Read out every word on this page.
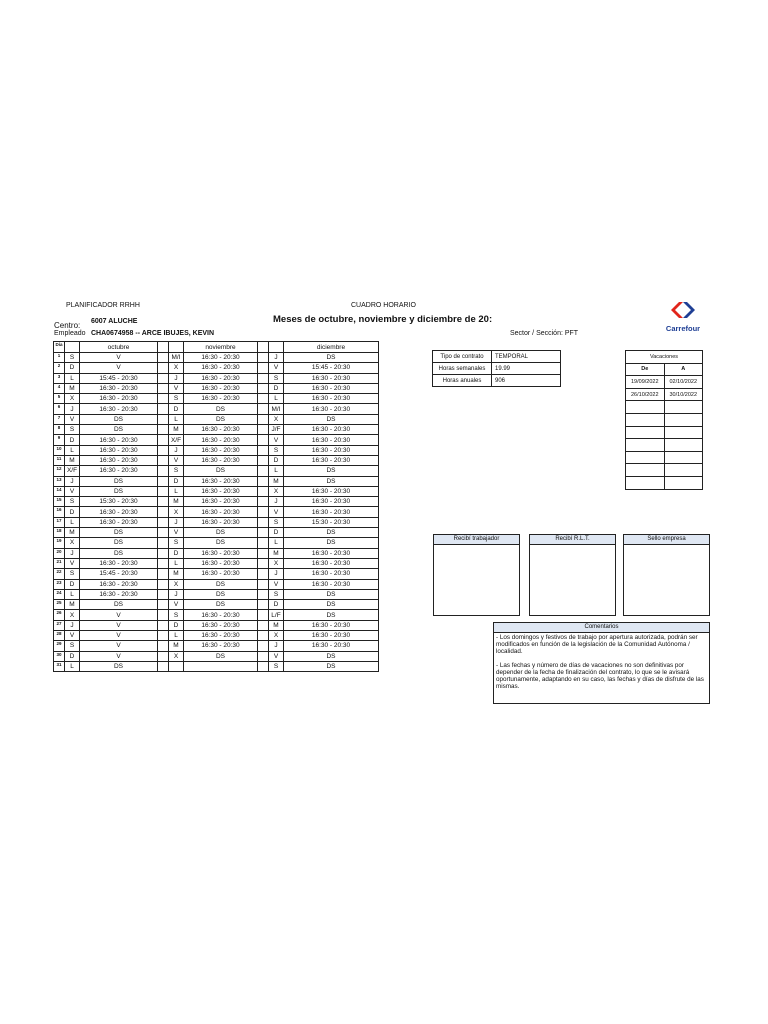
PLANIFICADOR RRHH	CUADRO HORARIO
Centro: 6007 ALUCHE	Meses de octubre, noviembre y diciembre de 20:
Empleado CHA0674958 -- ARCE IBUJES, KEVIN	Sector / Sección: PFT
Carrefour
Día		octubre			noviembre			diciembre
1	S	V		M/I	16:30 - 20:30		J	DS
2	D	V		X	16:30 - 20:30		V	15:45 - 20:30
3	L	15:45 - 20:30		J	16:30 - 20:30		S	16:30 - 20:30
4	M	16:30 - 20:30		V	16:30 - 20:30		D	16:30 - 20:30
5	X	16:30 - 20:30		S	16:30 - 20:30		L	16:30 - 20:30
6	J	16:30 - 20:30		D	DS		M/I	16:30 - 20:30
7	V	DS		L	DS		X	DS
8	S	DS		M	16:30 - 20:30		J/F	16:30 - 20:30
9	D	16:30 - 20:30		X/F	16:30 - 20:30		V	16:30 - 20:30
10	L	16:30 - 20:30		J	16:30 - 20:30		S	16:30 - 20:30
11	M	16:30 - 20:30		V	16:30 - 20:30		D	16:30 - 20:30
12	X/F	16:30 - 20:30		S	DS		L	DS
13	J	DS		D	16:30 - 20:30		M	DS
14	V	DS		L	16:30 - 20:30		X	16:30 - 20:30
15	S	15:30 - 20:30		M	16:30 - 20:30		J	16:30 - 20:30
16	D	16:30 - 20:30		X	16:30 - 20:30		V	16:30 - 20:30
17	L	16:30 - 20:30		J	16:30 - 20:30		S	15:30 - 20:30
18	M	DS		V	DS		D	DS
19	X	DS		S	DS		L	DS
20	J	DS		D	16:30 - 20:30		M	16:30 - 20:30
21	V	16:30 - 20:30		L	16:30 - 20:30		X	16:30 - 20:30
22	S	15:45 - 20:30		M	16:30 - 20:30		J	16:30 - 20:30
23	D	16:30 - 20:30		X	DS		V	16:30 - 20:30
24	L	16:30 - 20:30		J	DS		S	DS
25	M	DS		V	DS		D	DS
26	X	V		S	16:30 - 20:30		L/F	DS
27	J	V		D	16:30 - 20:30		M	16:30 - 20:30
28	V	V		L	16:30 - 20:30		X	16:30 - 20:30
29	S	V		M	16:30 - 20:30		J	16:30 - 20:30
30	D	V		X	DS		V	DS
31	L	DS					S	DS
Tipo de contrato	TEMPORAL
Horas semanales	19.99
Horas anuales	906
Vacaciones	
De	A
19/09/2022	02/10/2022
26/10/2022	30/10/2022

Recibí trabajador	Recibí R.L.T.	Sello empresa
Comentarios

- Los domingos y festivos de trabajo por apertura autorizada, podrán ser modificados en función de la legislación de la Comunidad Autónoma / localidad.

- Las fechas y número de días de vacaciones no son definitivas por depender de la fecha de finalización del contrato, lo que se le avisará oportunamente, adaptando en su caso, las fechas y días de disfrute de las mismas.
